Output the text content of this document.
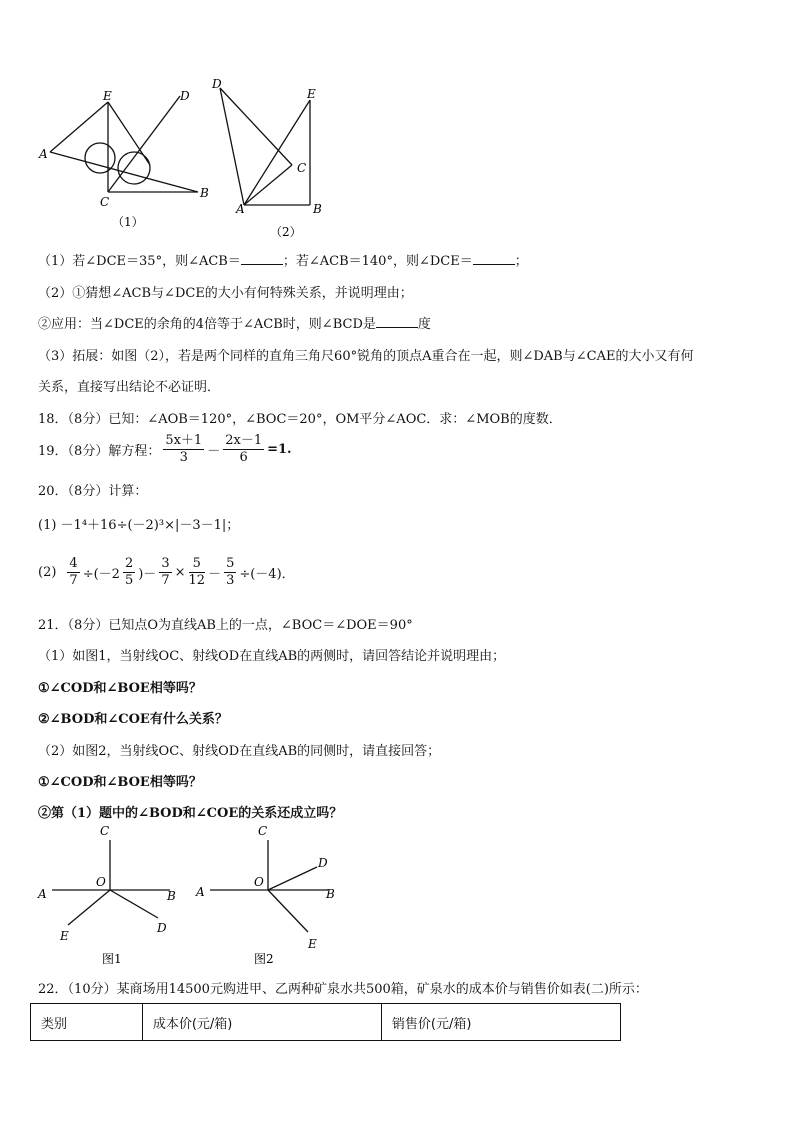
E	D
A
C
B
（1）
D
E
C
A	B
（2）
（1）若∠DCE＝35°，则∠ACB＝	；若∠ACB＝140°，则∠DCE＝	；
（2）①猜想∠ACB与∠DCE的大小有何特殊关系，并说明理由；
②应用：当∠DCE的余角的4倍等于∠ACB时，则∠BCD是	度
（3）拓展：如图（2），若是两个同样的直角三角尺60°锐角的顶点A重合在一起，则∠DAB与∠CAE的大小又有何
关系，直接写出结论不必证明．
18．（8分）已知：∠AOB＝120°，∠BOC＝20°，OM平分∠AOC．求：∠MOB的度数．
19．（8分）解方程： $\frac{5x+1}{3} - \frac{2x-1}{6} =1$.
20．（8分）计算：
(1) －1⁴＋16÷(－2)³×|－3－1|；
$(2) \frac{4}{7} \div(-2 \frac{2}{5}$ )－ $\frac{3}{7} \times \frac{5}{12} - \frac{5}{3} \div(-4)$．
21．（8分）已知点O为直线AB上的一点，∠BOC＝∠DOE＝90°
（1）如图1，当射线OC、射线OD在直线AB的两侧时，请回答结论并说明理由；
①∠COD和∠BOE相等吗？
②∠BOD和∠COE有什么关系？
（2）如图2，当射线OC、射线OD在直线AB的同侧时，请直接回答；
①∠COD和∠BOE相等吗？
②第（1）题中的∠BOD和∠COE的关系还成立吗？
C
O
A	B
E
D
图1
C
D
O
A	B
E
图2
22．（10分）某商场用14500元购进甲、乙两种矿泉水共500箱，矿泉水的成本价与销售价如表(二)所示：
类别	成本价(元/箱)	销售价(元/箱)
